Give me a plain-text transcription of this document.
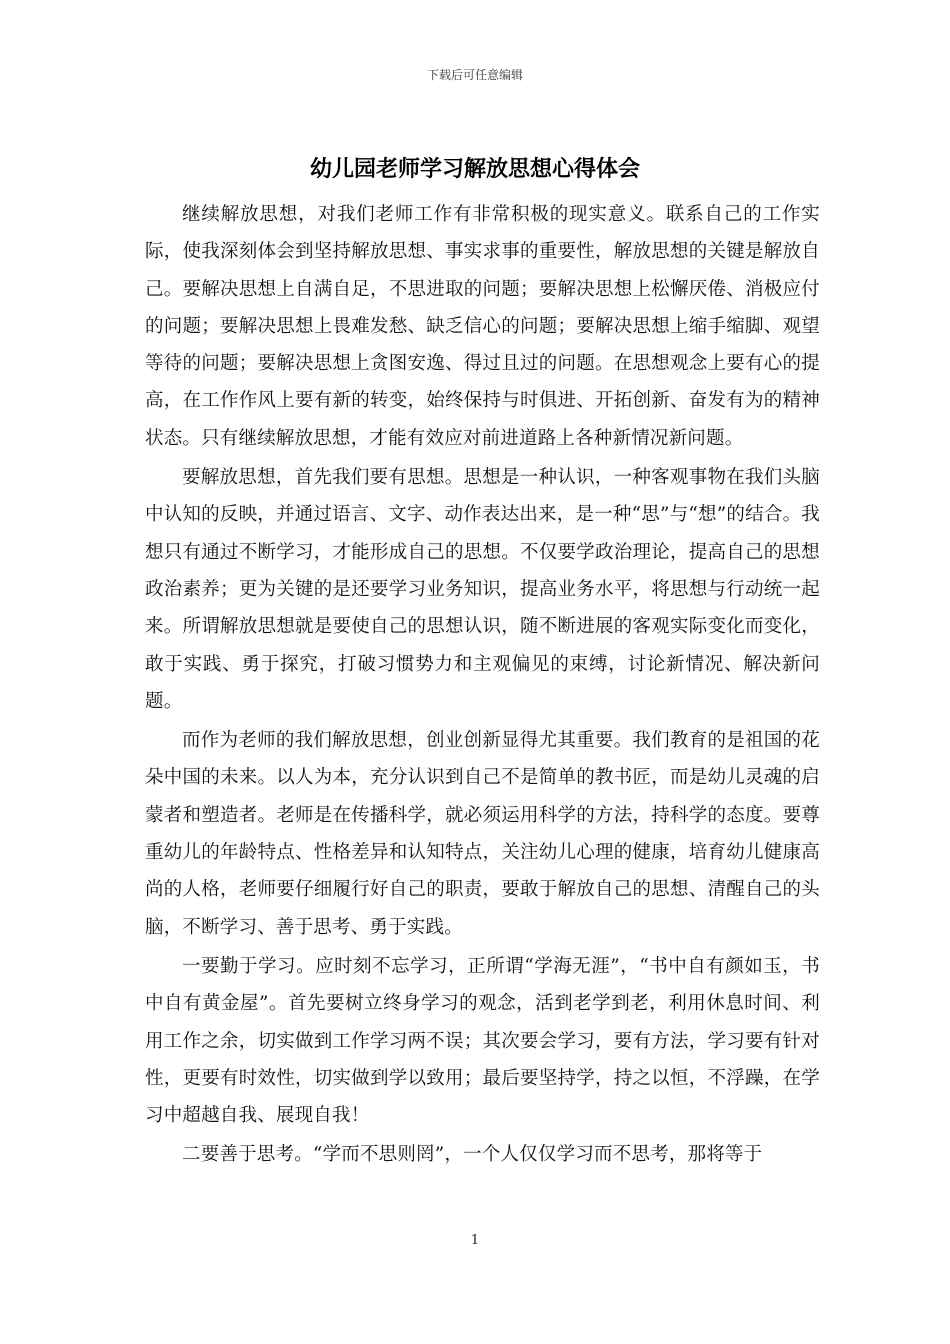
下载后可任意编辑
幼儿园老师学习解放思想心得体会

继续解放思想，对我们老师工作有非常积极的现实意义。联系自己的工作实际，使我深刻体会到坚持解放思想、事实求事的重要性，解放思想的关键是解放自己。要解决思想上自满自足，不思进取的问题；要解决思想上松懈厌倦、消极应付的问题；要解决思想上畏难发愁、缺乏信心的问题；要解决思想上缩手缩脚、观望等待的问题；要解决思想上贪图安逸、得过且过的问题。在思想观念上要有心的提高，在工作作风上要有新的转变，始终保持与时俱进、开拓创新、奋发有为的精神状态。只有继续解放思想，才能有效应对前进道路上各种新情况新问题。

要解放思想，首先我们要有思想。思想是一种认识，一种客观事物在我们头脑中认知的反映，并通过语言、文字、动作表达出来，是一种“思”与“想”的结合。我想只有通过不断学习，才能形成自己的思想。不仅要学政治理论，提高自己的思想政治素养；更为关键的是还要学习业务知识，提高业务水平，将思想与行动统一起来。所谓解放思想就是要使自己的思想认识，随不断进展的客观实际变化而变化，敢于实践、勇于探究，打破习惯势力和主观偏见的束缚，讨论新情况、解决新问题。

而作为老师的我们解放思想，创业创新显得尤其重要。我们教育的是祖国的花朵中国的未来。以人为本，充分认识到自己不是简单的教书匠，而是幼儿灵魂的启蒙者和塑造者。老师是在传播科学，就必须运用科学的方法，持科学的态度。要尊重幼儿的年龄特点、性格差异和认知特点，关注幼儿心理的健康，培育幼儿健康高尚的人格，老师要仔细履行好自己的职责，要敢于解放自己的思想、清醒自己的头脑，不断学习、善于思考、勇于实践。

一要勤于学习。应时刻不忘学习，正所谓“学海无涯”，“书中自有颜如玉，书中自有黄金屋”。首先要树立终身学习的观念，活到老学到老，利用休息时间、利用工作之余，切实做到工作学习两不误；其次要会学习，要有方法，学习要有针对性，更要有时效性，切实做到学以致用；最后要坚持学，持之以恒，不浮躁，在学习中超越自我、展现自我！

二要善于思考。“学而不思则罔”，一个人仅仅学习而不思考，那将等于

1
